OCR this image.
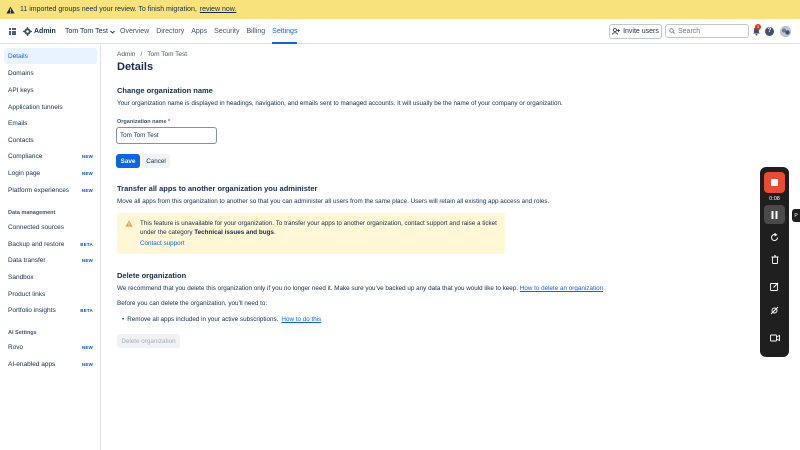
11 imported groups need your review. To finish migration, review now.
Admin Tom Tom Test Overview Directory Apps Security Billing Settings	Invite users	Search
3
?
Details
Domains
API keys
Application tunnels
Emails
Contacts
Compliance	NEW
Login page	NEW
Platform experiences	NEW
Data management
Connected sources
Backup and restore	BETA
Data transfer	NEW
Sandbox
Product links
Portfolio insights	BETA
AI Settings
Rovo	NEW
AI-enabled apps	NEW
Admin / Tom Tom Test
Details
Change organization name
Your organization name is displayed in headings, navigation, and emails sent to managed accounts. It will usually be the name of your company or organization.
Organization name *
Tom Tom Test
Save	Cancel
Transfer all apps to another organization you administer
Move all apps from this organization to another so that you can administer all users from the same place. Users will retain all existing app access and roles.
This feature is unavailable for your organization. To transfer your apps to another organization, contact support and raise a ticket under the category Technical issues and bugs.
Contact support
Delete organization
We recommend that you delete this organization only if you no longer need it. Make sure you’ve backed up any data that you would like to keep. How to delete an organization
Before you can delete the organization, you’ll need to:
• Remove all apps included in your active subscriptions. How to do this
Delete organization
0:08
P
